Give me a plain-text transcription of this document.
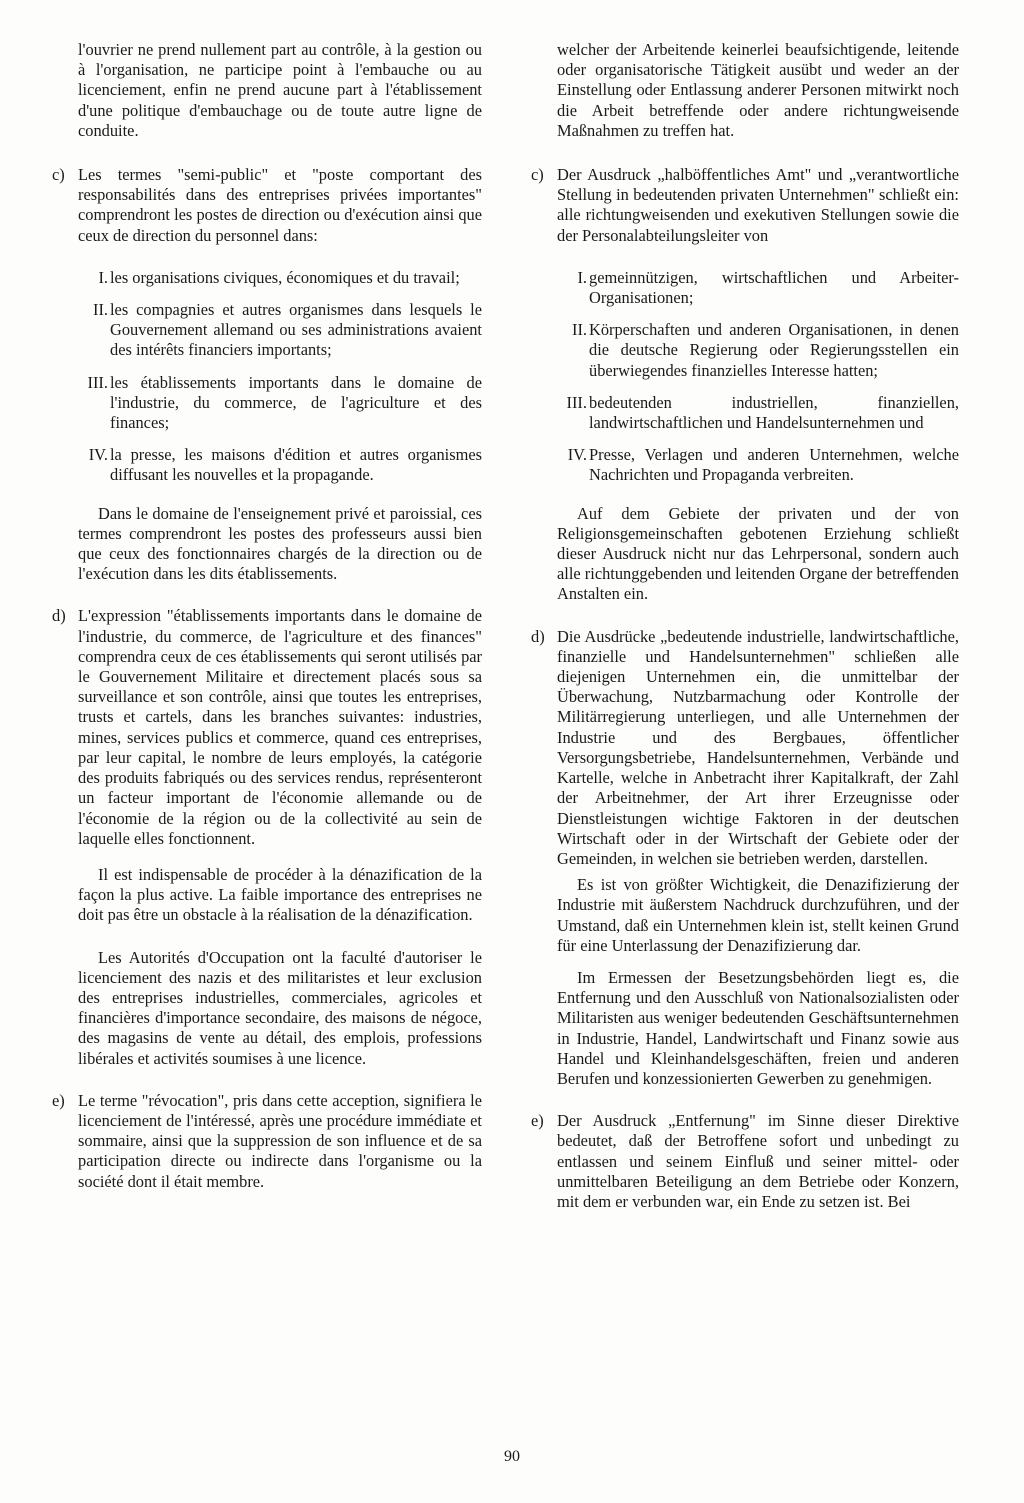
l'ouvrier ne prend nullement part au contrôle, à la gestion ou à l'organisation, ne participe point à l'embauche ou au licenciement, enfin ne prend aucune part à l'établissement d'une politique d'embauchage ou de toute autre ligne de conduite.

c) Les termes "semi-public" et "poste comportant des responsabilités dans des entreprises privées importantes" comprendront les postes de direction ou d'exécution ainsi que ceux de direction du personnel dans:

I. les organisations civiques, économiques et du travail;

II. les compagnies et autres organismes dans lesquels le Gouvernement allemand ou ses administrations avaient des intérêts financiers importants;

III. les établissements importants dans le domaine de l'industrie, du commerce, de l'agriculture et des finances;

IV. la presse, les maisons d'édition et autres organismes diffusant les nouvelles et la propagande.

Dans le domaine de l'enseignement privé et paroissial, ces termes comprendront les postes des professeurs aussi bien que ceux des fonctionnaires chargés de la direction ou de l'exécution dans les dits établissements.

d) L'expression "établissements importants dans le domaine de l'industrie, du commerce, de l'agriculture et des finances" comprendra ceux de ces établissements qui seront utilisés par le Gouvernement Militaire et directement placés sous sa surveillance et son contrôle, ainsi que toutes les entreprises, trusts et cartels, dans les branches suivantes: industries, mines, services publics et commerce, quand ces entreprises, par leur capital, le nombre de leurs employés, la catégorie des produits fabriqués ou des services rendus, représenteront un facteur important de l'économie allemande ou de l'économie de la région ou de la collectivité au sein de laquelle elles fonctionnent.

Il est indispensable de procéder à la dénazification de la façon la plus active. La faible importance des entreprises ne doit pas être un obstacle à la réalisation de la dénazification.

Les Autorités d'Occupation ont la faculté d'autoriser le licenciement des nazis et des militaristes et leur exclusion des entreprises industrielles, commerciales, agricoles et financières d'importance secondaire, des maisons de négoce, des magasins de vente au détail, des emplois, professions libérales et activités soumises à une licence.

e) Le terme "révocation", pris dans cette acception, signifiera le licenciement de l'intéressé, après une procédure immédiate et sommaire, ainsi que la suppression de son influence et de sa participation directe ou indirecte dans l'organisme ou la société dont il était membre.

welcher der Arbeitende keinerlei beaufsichtigende, leitende oder organisatorische Tätigkeit ausübt und weder an der Einstellung oder Entlassung anderer Personen mitwirkt noch die Arbeit betreffende oder andere richtungweisende Maßnahmen zu treffen hat.

c) Der Ausdruck „halböffentliches Amt" und „verantwortliche Stellung in bedeutenden privaten Unternehmen" schließt ein: alle richtungweisenden und exekutiven Stellungen sowie die der Personalabteilungsleiter von

I. gemeinnützigen, wirtschaftlichen und Arbeiter-Organisationen;

II. Körperschaften und anderen Organisationen, in denen die deutsche Regierung oder Regierungsstellen ein überwiegendes finanzielles Interesse hatten;

III. bedeutenden industriellen, finanziellen, landwirtschaftlichen und Handelsunternehmen und

IV. Presse, Verlagen und anderen Unternehmen, welche Nachrichten und Propaganda verbreiten.

Auf dem Gebiete der privaten und der von Religionsgemeinschaften gebotenen Erziehung schließt dieser Ausdruck nicht nur das Lehrpersonal, sondern auch alle richtunggebenden und leitenden Organe der betreffenden Anstalten ein.

d) Die Ausdrücke „bedeutende industrielle, landwirtschaftliche, finanzielle und Handelsunternehmen" schließen alle diejenigen Unternehmen ein, die unmittelbar der Überwachung, Nutzbarmachung oder Kontrolle der Militärregierung unterliegen, und alle Unternehmen der Industrie und des Bergbaues, öffentlicher Versorgungsbetriebe, Handelsunternehmen, Verbände und Kartelle, welche in Anbetracht ihrer Kapitalkraft, der Zahl der Arbeitnehmer, der Art ihrer Erzeugnisse oder Dienstleistungen wichtige Faktoren in der deutschen Wirtschaft oder in der Wirtschaft der Gebiete oder der Gemeinden, in welchen sie betrieben werden, darstellen.

Es ist von größter Wichtigkeit, die Denazifizierung der Industrie mit äußerstem Nachdruck durchzuführen, und der Umstand, daß ein Unternehmen klein ist, stellt keinen Grund für eine Unterlassung der Denazifizierung dar.

Im Ermessen der Besetzungsbehörden liegt es, die Entfernung und den Ausschluß von Nationalsozialisten oder Militaristen aus weniger bedeutenden Geschäftsunternehmen in Industrie, Handel, Landwirtschaft und Finanz sowie aus Handel und Kleinhandelsgeschäften, freien und anderen Berufen und konzessionierten Gewerben zu genehmigen.

e) Der Ausdruck „Entfernung" im Sinne dieser Direktive bedeutet, daß der Betroffene sofort und unbedingt zu entlassen und seinem Einfluß und seiner mittel- oder unmittelbaren Beteiligung an dem Betriebe oder Konzern, mit dem er verbunden war, ein Ende zu setzen ist. Bei

90
